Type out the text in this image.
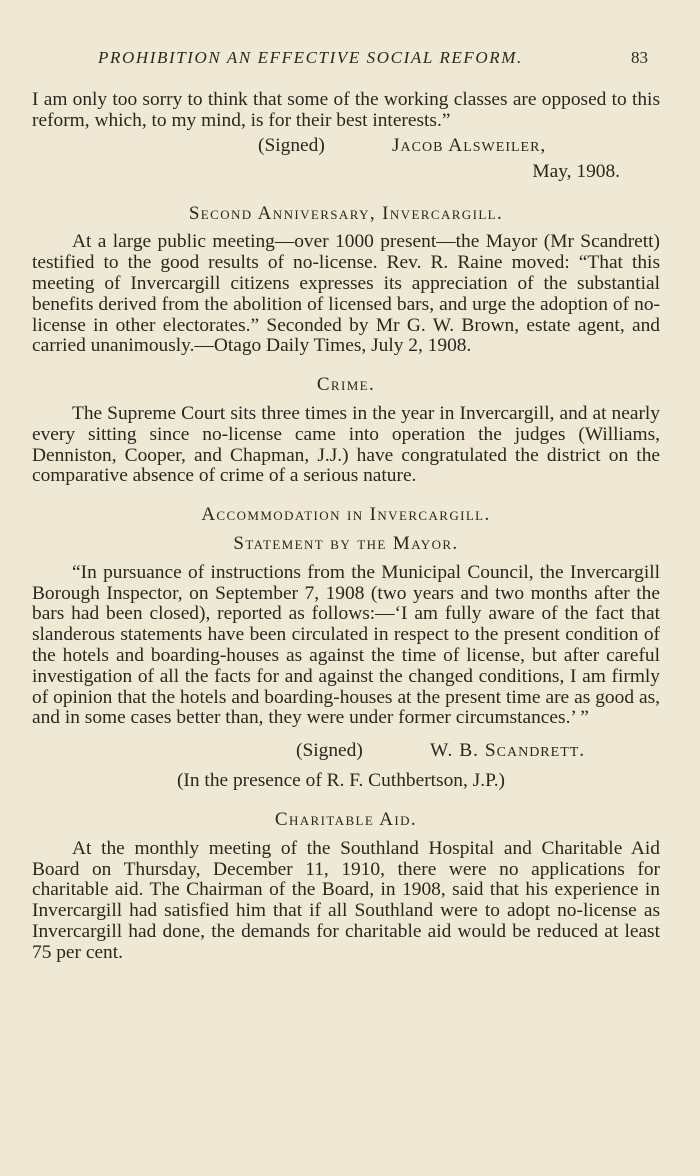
PROHIBITION AN EFFECTIVE SOCIAL REFORM.	83

I am only too sorry to think that some of the working classes are opposed to this reform, which, to my mind, is for their best interests.”

(Signed)	Jacob Alsweiler,
May, 1908.
Second Anniversary, Invercargill.

At a large public meeting—over 1000 present—the Mayor (Mr Scandrett) testified to the good results of no-license. Rev. R. Raine moved: “That this meeting of Invercargill citizens expresses its appreciation of the substantial benefits derived from the abolition of licensed bars, and urge the adoption of no-license in other electorates.” Seconded by Mr G. W. Brown, estate agent, and carried unanimously.—Otago Daily Times, July 2, 1908.

Crime.

The Supreme Court sits three times in the year in Invercargill, and at nearly every sitting since no-license came into operation the judges (Williams, Denniston, Cooper, and Chapman, J.J.) have congratulated the district on the comparative absence of crime of a serious nature.

Accommodation in Invercargill.
Statement by the Mayor.

“In pursuance of instructions from the Municipal Council, the Invercargill Borough Inspector, on September 7, 1908 (two years and two months after the bars had been closed), reported as follows:—‘I am fully aware of the fact that slanderous statements have been circulated in respect to the present condition of the hotels and boarding-houses as against the time of license, but after careful investigation of all the facts for and against the changed conditions, I am firmly of opinion that the hotels and boarding-houses at the present time are as good as, and in some cases better than, they were under former circumstances.’ ”

(Signed)	W. B. Scandrett.
(In the presence of R. F. Cuthbertson, J.P.)
Charitable Aid.

At the monthly meeting of the Southland Hospital and Charitable Aid Board on Thursday, December 11, 1910, there were no applications for charitable aid. The Chairman of the Board, in 1908, said that his experience in Invercargill had satisfied him that if all Southland were to adopt no-license as Invercargill had done, the demands for charitable aid would be reduced at least 75 per cent.
